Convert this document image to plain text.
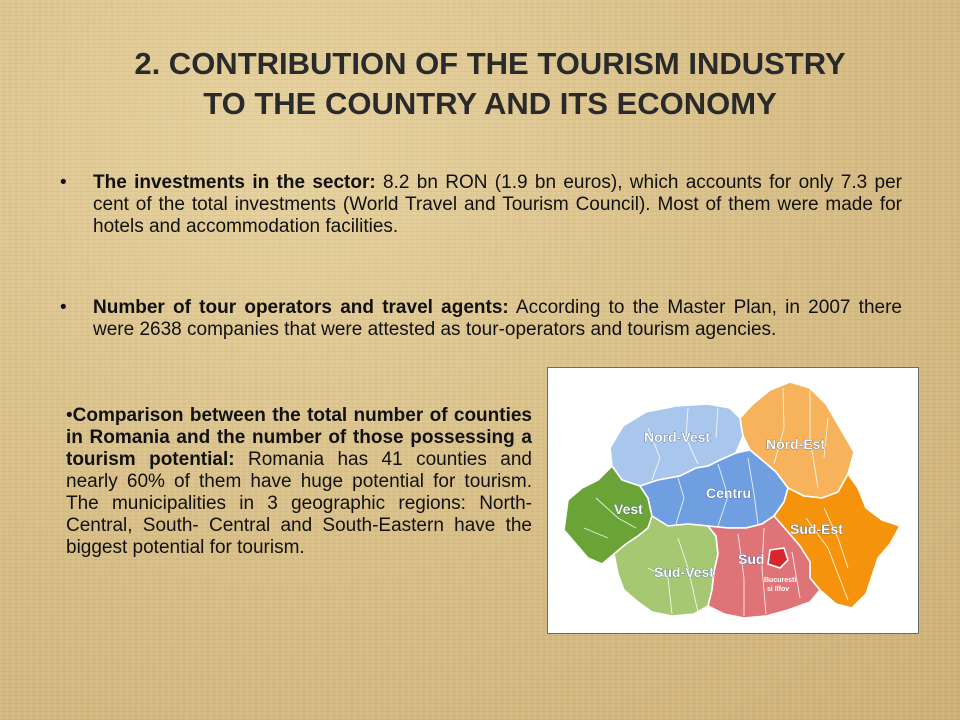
2. CONTRIBUTION OF THE TOURISM INDUSTRY
TO THE COUNTRY AND ITS ECONOMY
• The investments in the sector: 8.2 bn RON (1.9 bn euros), which accounts for only 7.3 per cent of the total investments (World Travel and Tourism Council). Most of them were made for hotels and accommodation facilities.
• Number of tour operators and travel agents: According to the Master Plan, in 2007 there were 2638 companies that were attested as tour-operators and tourism agencies.
•Comparison between the total number of counties in Romania and the number of those possessing a tourism potential: Romania has 41 counties and nearly 60% of them have huge potential for tourism. The municipalities in 3 geographic regions: North-Central, South- Central and South-Eastern have the biggest potential for tourism.
Nord-Vest	Nord-Est
Vest
Centru
Sud-Est
Sud-Vest
Sud
Bucuresti
si Ilfov
